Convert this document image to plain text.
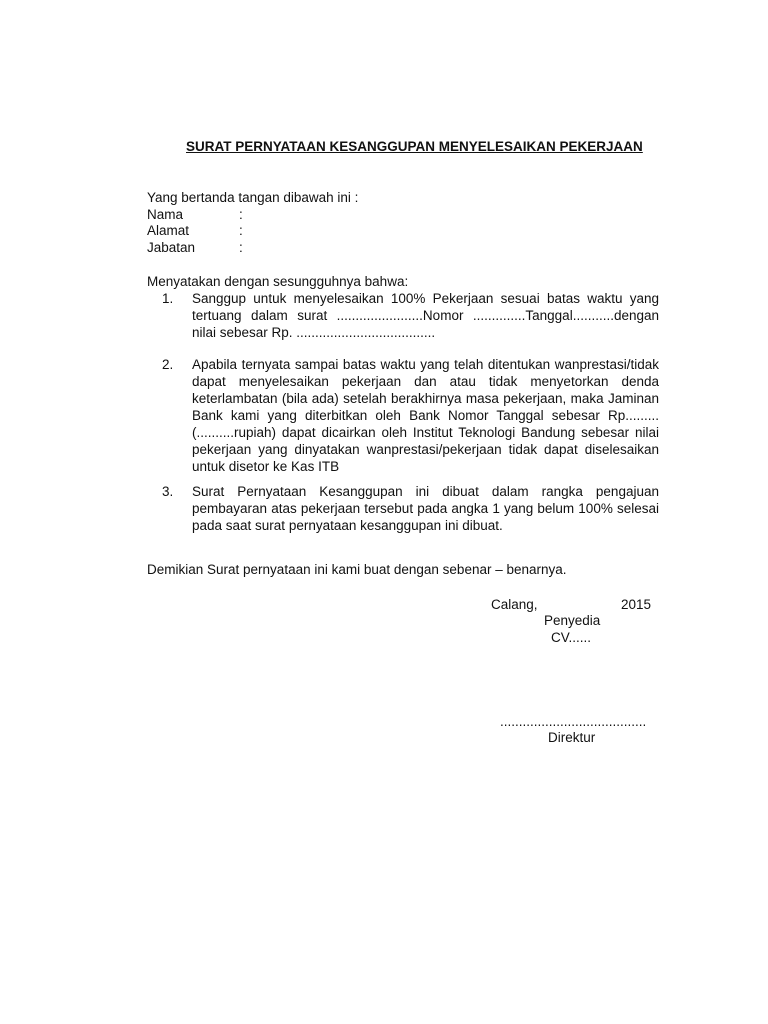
SURAT PERNYATAAN KESANGGUPAN MENYELESAIKAN PEKERJAAN
Yang bertanda tangan dibawah ini :
Nama	:
Alamat	:
Jabatan	:
Menyatakan dengan sesungguhnya bahwa:
1. Sanggup untuk menyelesaikan 100% Pekerjaan sesuai batas waktu yang tertuang dalam surat .......................Nomor ..............Tanggal...........dengan nilai sebesar Rp. .....................................
2. Apabila ternyata sampai batas waktu yang telah ditentukan wanprestasi/tidak dapat menyelesaikan pekerjaan dan atau tidak menyetorkan denda keterlambatan (bila ada) setelah berakhirnya masa pekerjaan, maka Jaminan Bank kami yang diterbitkan oleh Bank Nomor Tanggal sebesar Rp......... (..........rupiah) dapat dicairkan oleh Institut Teknologi Bandung sebesar nilai pekerjaan yang dinyatakan wanprestasi/pekerjaan tidak dapat diselesaikan untuk disetor ke Kas ITB
3. Surat Pernyataan Kesanggupan ini dibuat dalam rangka pengajuan pembayaran atas pekerjaan tersebut pada angka 1 yang belum 100% selesai pada saat surat pernyataan kesanggupan ini dibuat.
Demikian Surat pernyataan ini kami buat dengan sebenar – benarnya.
Calang,	2015
Penyedia
CV......
.......................................
Direktur
